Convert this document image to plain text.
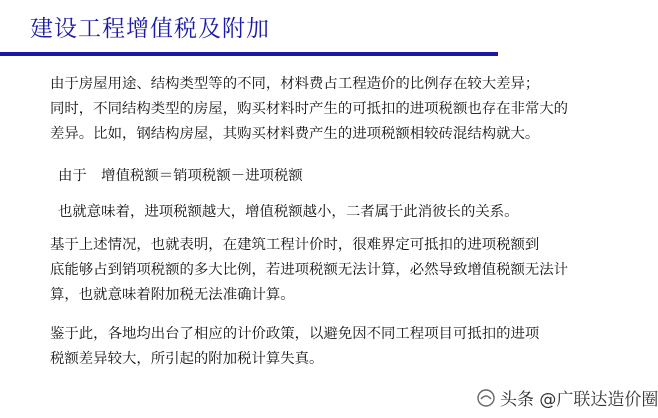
建设工程增值税及附加

由于房屋用途、结构类型等的不同，材料费占工程造价的比例存在较大差异；
同时，不同结构类型的房屋，购买材料时产生的可抵扣的进项税额也存在非常大的
差异。比如，钢结构房屋，其购买材料费产生的进项税额相较砖混结构就大。

由于　增值税额＝销项税额－进项税额

也就意味着，进项税额越大，增值税额越小，二者属于此消彼长的关系。

基于上述情况，也就表明，在建筑工程计价时，很难界定可抵扣的进项税额到
底能够占到销项税额的多大比例，若进项税额无法计算，必然导致增值税额无法计
算，也就意味着附加税无法准确计算。

鉴于此，各地均出台了相应的计价政策，以避免因不同工程项目可抵扣的进项
税额差异较大，所引起的附加税计算失真。

头条 @广联达造价圈
